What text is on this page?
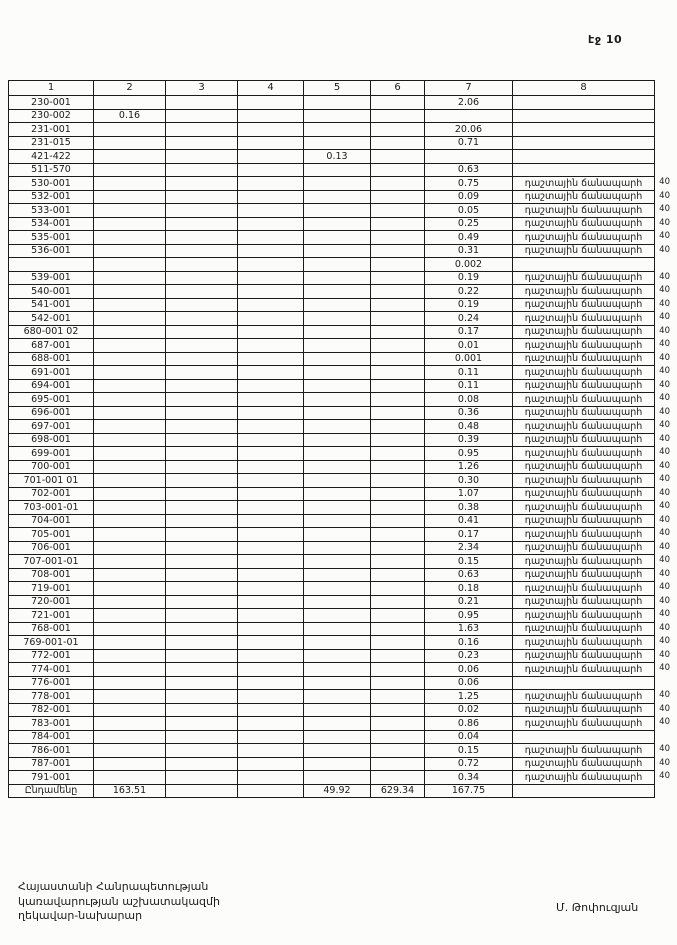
էջ 10
1	2	3	4	5	6	7	8
230-001						2.06	
230-002	0.16						
231-001						20.06	
231-015						0.71	
421-422				0.13			
511-570						0.63	
530-001						0.75	դաշտային ճանապարհ 40

532-001						0.09	դաշտային ճանապարհ 40

533-001						0.05	դաշտային ճանապարհ 40

534-001						0.25	դաշտային ճանապարհ 40

535-001						0.49	դաշտային ճանապարհ 40

536-001						0.31	դաշտային ճանապարհ 40

						0.002	
539-001						0.19	դաշտային ճանապարհ 40

540-001						0.22	դաշտային ճանապարհ 40

541-001						0.19	դաշտային ճանապարհ 40

542-001						0.24	դաշտային ճանապարհ 40

680-001 02						0.17	դաշտային ճանապարհ 40

687-001						0.01	դաշտային ճանապարհ 40

688-001						0.001	դաշտային ճանապարհ 40

691-001						0.11	դաշտային ճանապարհ 40

694-001						0.11	դաշտային ճանապարհ 40

695-001						0.08	դաշտային ճանապարհ 40

696-001						0.36	դաշտային ճանապարհ 40

697-001						0.48	դաշտային ճանապարհ 40

698-001						0.39	դաշտային ճանապարհ 40

699-001						0.95	դաշտային ճանապարհ 40

700-001						1.26	դաշտային ճանապարհ 40

701-001 01						0.30	դաշտային ճանապարհ 40

702-001						1.07	դաշտային ճանապարհ 40

703-001-01						0.38	դաշտային ճանապարհ 40

704-001						0.41	դաշտային ճանապարհ 40

705-001						0.17	դաշտային ճանապարհ 40

706-001						2.34	դաշտային ճանապարհ 40

707-001-01						0.15	դաշտային ճանապարհ 40

708-001						0.63	դաշտային ճանապարհ 40

719-001						0.18	դաշտային ճանապարհ 40

720-001						0.21	դաշտային ճանապարհ 40

721-001						0.95	դաշտային ճանապարհ 40

768-001						1.63	դաշտային ճանապարհ 40

769-001-01						0.16	դաշտային ճանապարհ 40

772-001						0.23	դաշտային ճանապարհ 40

774-001						0.06	դաշտային ճանապարհ 40

776-001						0.06	
778-001						1.25	դաշտային ճանապարհ 40

782-001						0.02	դաշտային ճանապարհ 40

783-001						0.86	դաշտային ճանապարհ 40

784-001						0.04	
786-001						0.15	դաշտային ճանապարհ 40

787-001						0.72	դաշտային ճանապարհ 40

791-001						0.34	դաշտային ճանապարհ 40

Ընդամենը	163.51			49.92	629.34	167.75	
Հայաստանի Հանրապետության
կառավարության աշխատակազմի
ղեկավար-նախարար
Մ. Թոփուզյան
